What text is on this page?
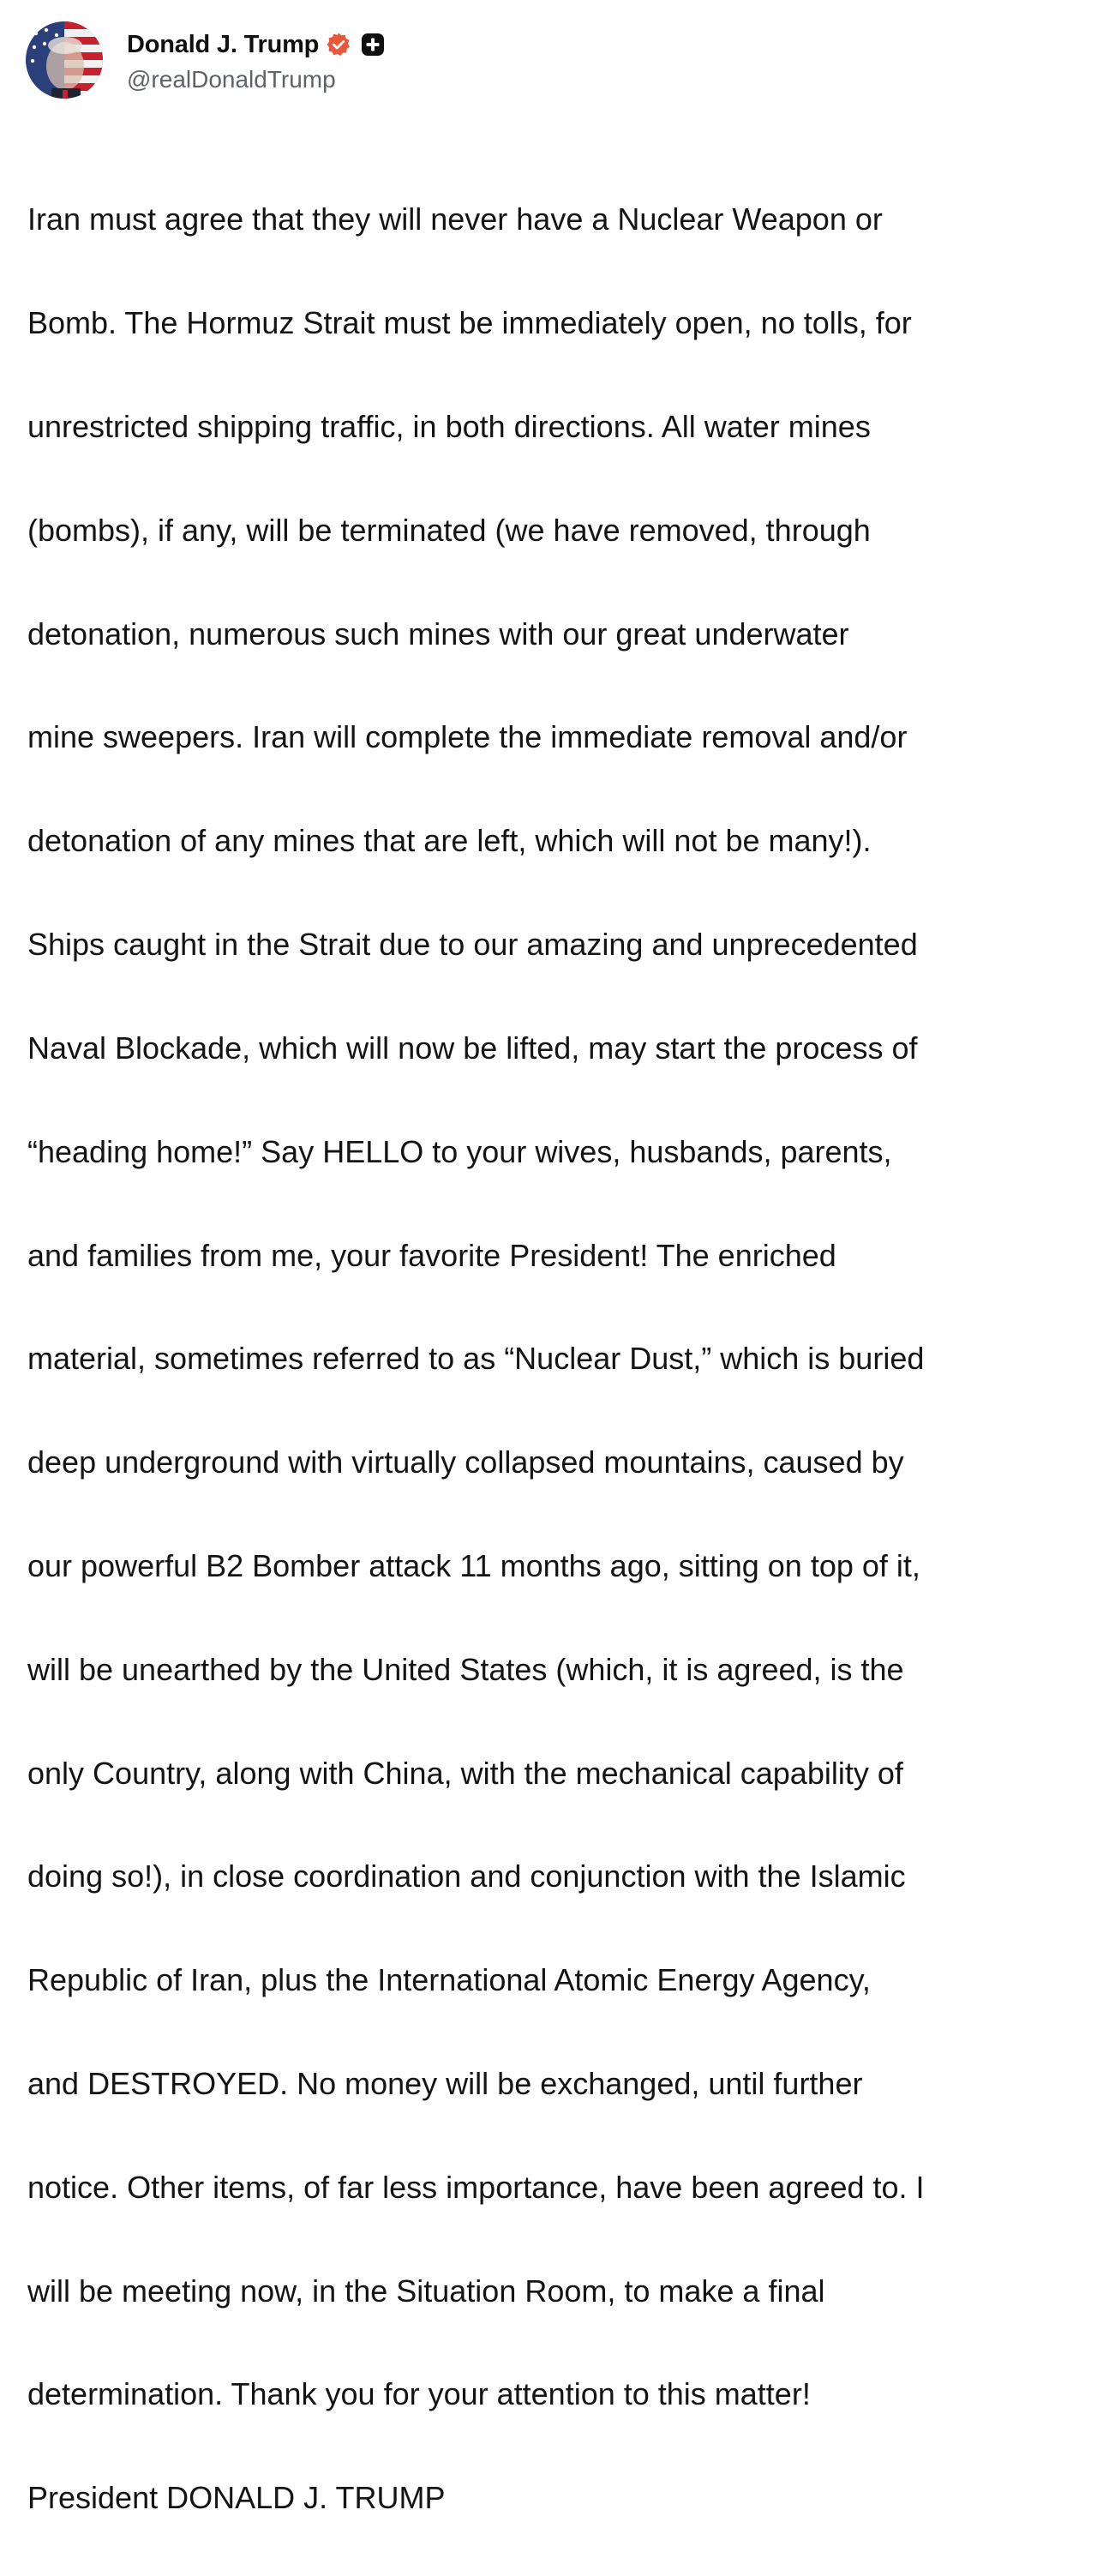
Donald J. Trump
@realDonaldTrump

Iran must agree that they will never have a Nuclear Weapon or

Bomb. The Hormuz Strait must be immediately open, no tolls, for

unrestricted shipping traffic, in both directions. All water mines

(bombs), if any, will be terminated (we have removed, through

detonation, numerous such mines with our great underwater

mine sweepers. Iran will complete the immediate removal and/or

detonation of any mines that are left, which will not be many!).

Ships caught in the Strait due to our amazing and unprecedented

Naval Blockade, which will now be lifted, may start the process of

“heading home!” Say HELLO to your wives, husbands, parents,

and families from me, your favorite President! The enriched

material, sometimes referred to as “Nuclear Dust,” which is buried

deep underground with virtually collapsed mountains, caused by

our powerful B2 Bomber attack 11 months ago, sitting on top of it,

will be unearthed by the United States (which, it is agreed, is the

only Country, along with China, with the mechanical capability of

doing so!), in close coordination and conjunction with the Islamic

Republic of Iran, plus the International Atomic Energy Agency,

and DESTROYED. No money will be exchanged, until further

notice. Other items, of far less importance, have been agreed to. I

will be meeting now, in the Situation Room, to make a final

determination. Thank you for your attention to this matter!

President DONALD J. TRUMP
